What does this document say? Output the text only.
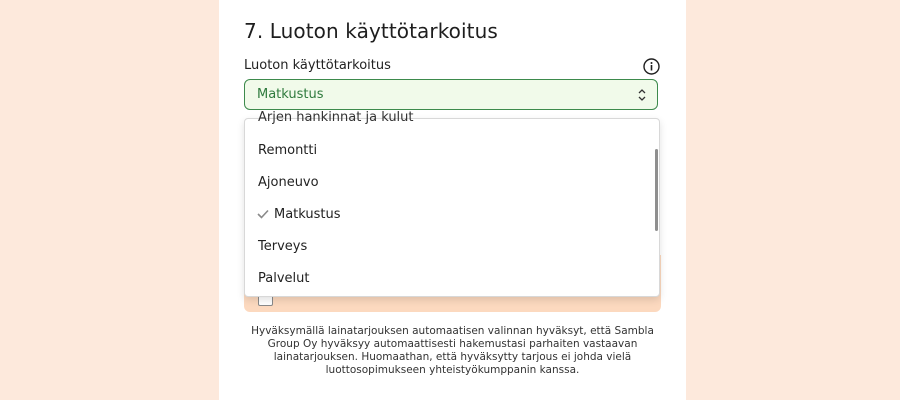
7. Luoton käyttötarkoitus
Luoton käyttötarkoitus
Matkustus
Arjen hankinnat ja kulut
Remontti
Ajoneuvo
Matkustus
Terveys
Palvelut
Hyväksymällä lainatarjouksen automaatisen valinnan hyväksyt, että Sambla Group Oy hyväksyy automaattisesti hakemustasi parhaiten vastaavan lainatarjouksen. Huomaathan, että hyväksytty tarjous ei johda vielä luottosopimukseen yhteistyökumppanin kanssa.
